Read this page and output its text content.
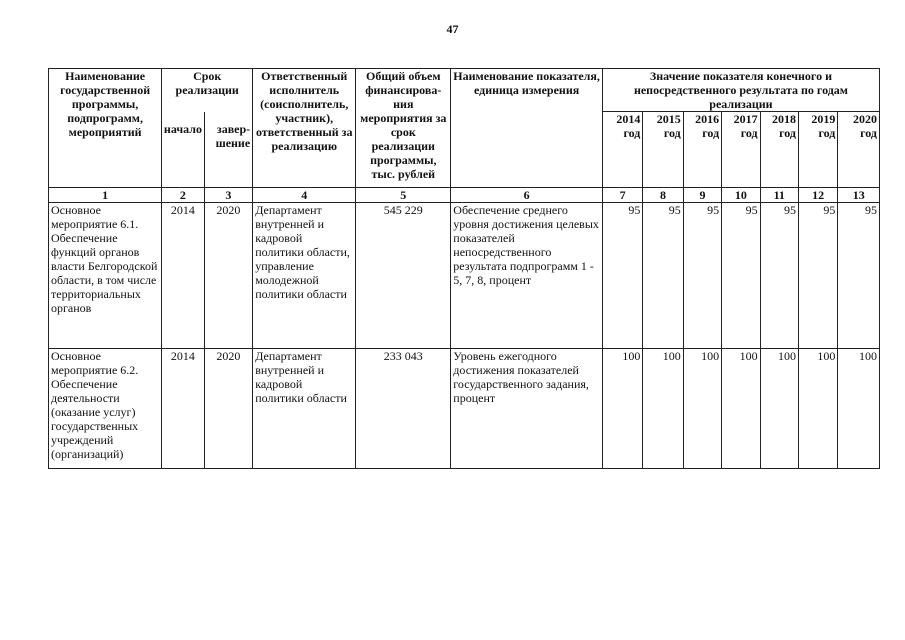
47
Наименование государственной программы, подпрограмм, мероприятий	Срок реализации		Ответственный исполнитель (соисполнитель, участник), ответственный за реализацию	Общий объем финансирова-ния мероприятия за срок реализации программы, тыс. рублей	Наименование показателя, единица измерения	Значение показателя конечного и непосредственного результата по годам реализации						
	начало	завер-шение				2014 год	2015 год	2016 год	2017 год	2018 год	2019 год	2020 год
1	2	3	4	5	6	7	8	9	10	11	12	13
Основное мероприятие 6.1. Обеспечение функций органов власти Белгородской области, в том числе территориальных органов	2014	2020	Департамент внутренней и кадровой политики области, управление молодежной политики области	545 229	Обеспечение среднего уровня достижения целевых показателей непосредственного результата подпрограмм 1 - 5, 7, 8, процент	95	95	95	95	95	95	95
Основное мероприятие 6.2. Обеспечение деятельности (оказание услуг) государственных учреждений (организаций)	2014	2020	Департамент внутренней и кадровой политики области	233 043	Уровень ежегодного достижения показателей государственного задания, процент	100	100	100	100	100	100	100
